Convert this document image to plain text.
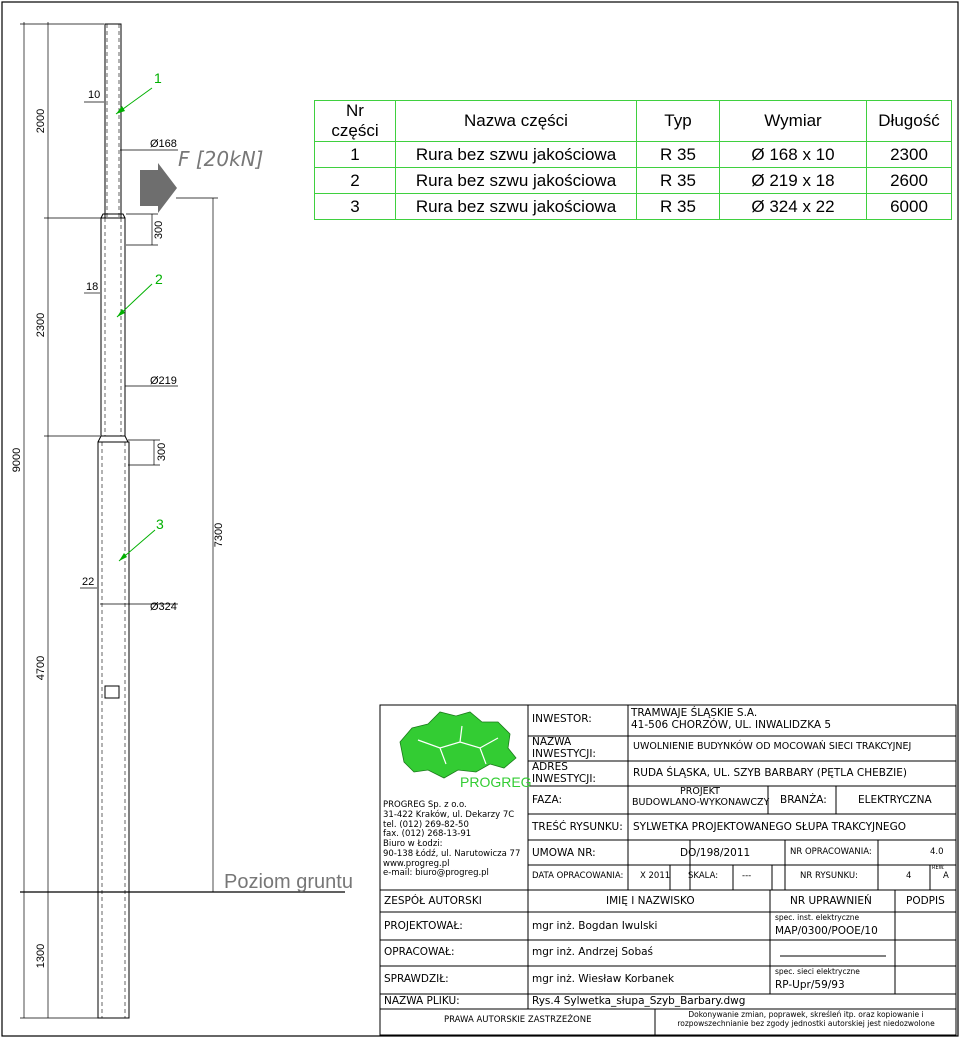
2000
2300
4700
1300
9000
7300
300
300
10
18
22
Ø168
Ø219
Ø324
1
2
3
F [20kN]
Poziom gruntu
Nr części	Nazwa części	Typ	Wymiar	Długość
1	Rura bez szwu jakościowa	R 35	Ø 168 x 10	2300
2	Rura bez szwu jakościowa	R 35	Ø 219 x 18	2600
3	Rura bez szwu jakościowa	R 35	Ø 324 x 22	6000
PROGREG
PROGREG Sp. z o.o.
31-422 Kraków, ul. Dekarzy 7C
tel. (012) 269-82-50
fax. (012) 268-13-91
Biuro w Łodzi:
90-138 Łódź, ul. Narutowicza 77
www.progreg.pl
e-mail: biuro@progreg.pl
INWESTOR:	TRAMWAJE ŚLĄSKIE S.A.
41-506 CHORZÓW, UL. INWALIDZKA 5
NAZWA
INWESTYCJI:
UWOLNIENIE BUDYNKÓW OD MOCOWAŃ SIECI TRAKCYJNEJ
ADRES
INWESTYCJI:
RUDA ŚLĄSKA, UL. SZYB BARBARY (PĘTLA CHEBZIE)
FAZA:
PROJEKT
BUDOWLANO-WYKONAWCZY BRANŻA:	ELEKTRYCZNA
TREŚĆ RYSUNKU: SYLWETKA PROJEKTOWANEGO SŁUPA TRAKCYJNEGO
UMOWA NR:	DO/198/2011	NR OPRACOWANIA:	4.0
DATA OPRACOWANIA: X 2011 SKALA:	---	NR RYSUNKU:	4
REW.
A
ZESPÓŁ AUTORSKI	IMIĘ I NAZWISKO	NR UPRAWNIEŃ	PODPIS
PROJEKTOWAŁ:	mgr inż. Bogdan Iwulski
spec. inst. elektryczne
MAP/0300/POOE/10
OPRACOWAŁ:	mgr inż. Andrzej Sobaś
SPRAWDZIŁ:	mgr inż. Wiesław Korbanek
spec. sieci elektryczne
RP-Upr/59/93
NAZWA PLIKU:	Rys.4 Sylwetka_słupa_Szyb_Barbary.dwg
PRAWA AUTORSKIE ZASTRZEŻONE
Dokonywanie zmian, poprawek, skreśleń itp. oraz kopiowanie i
rozpowszechnianie bez zgody jednostki autorskiej jest niedozwolone
